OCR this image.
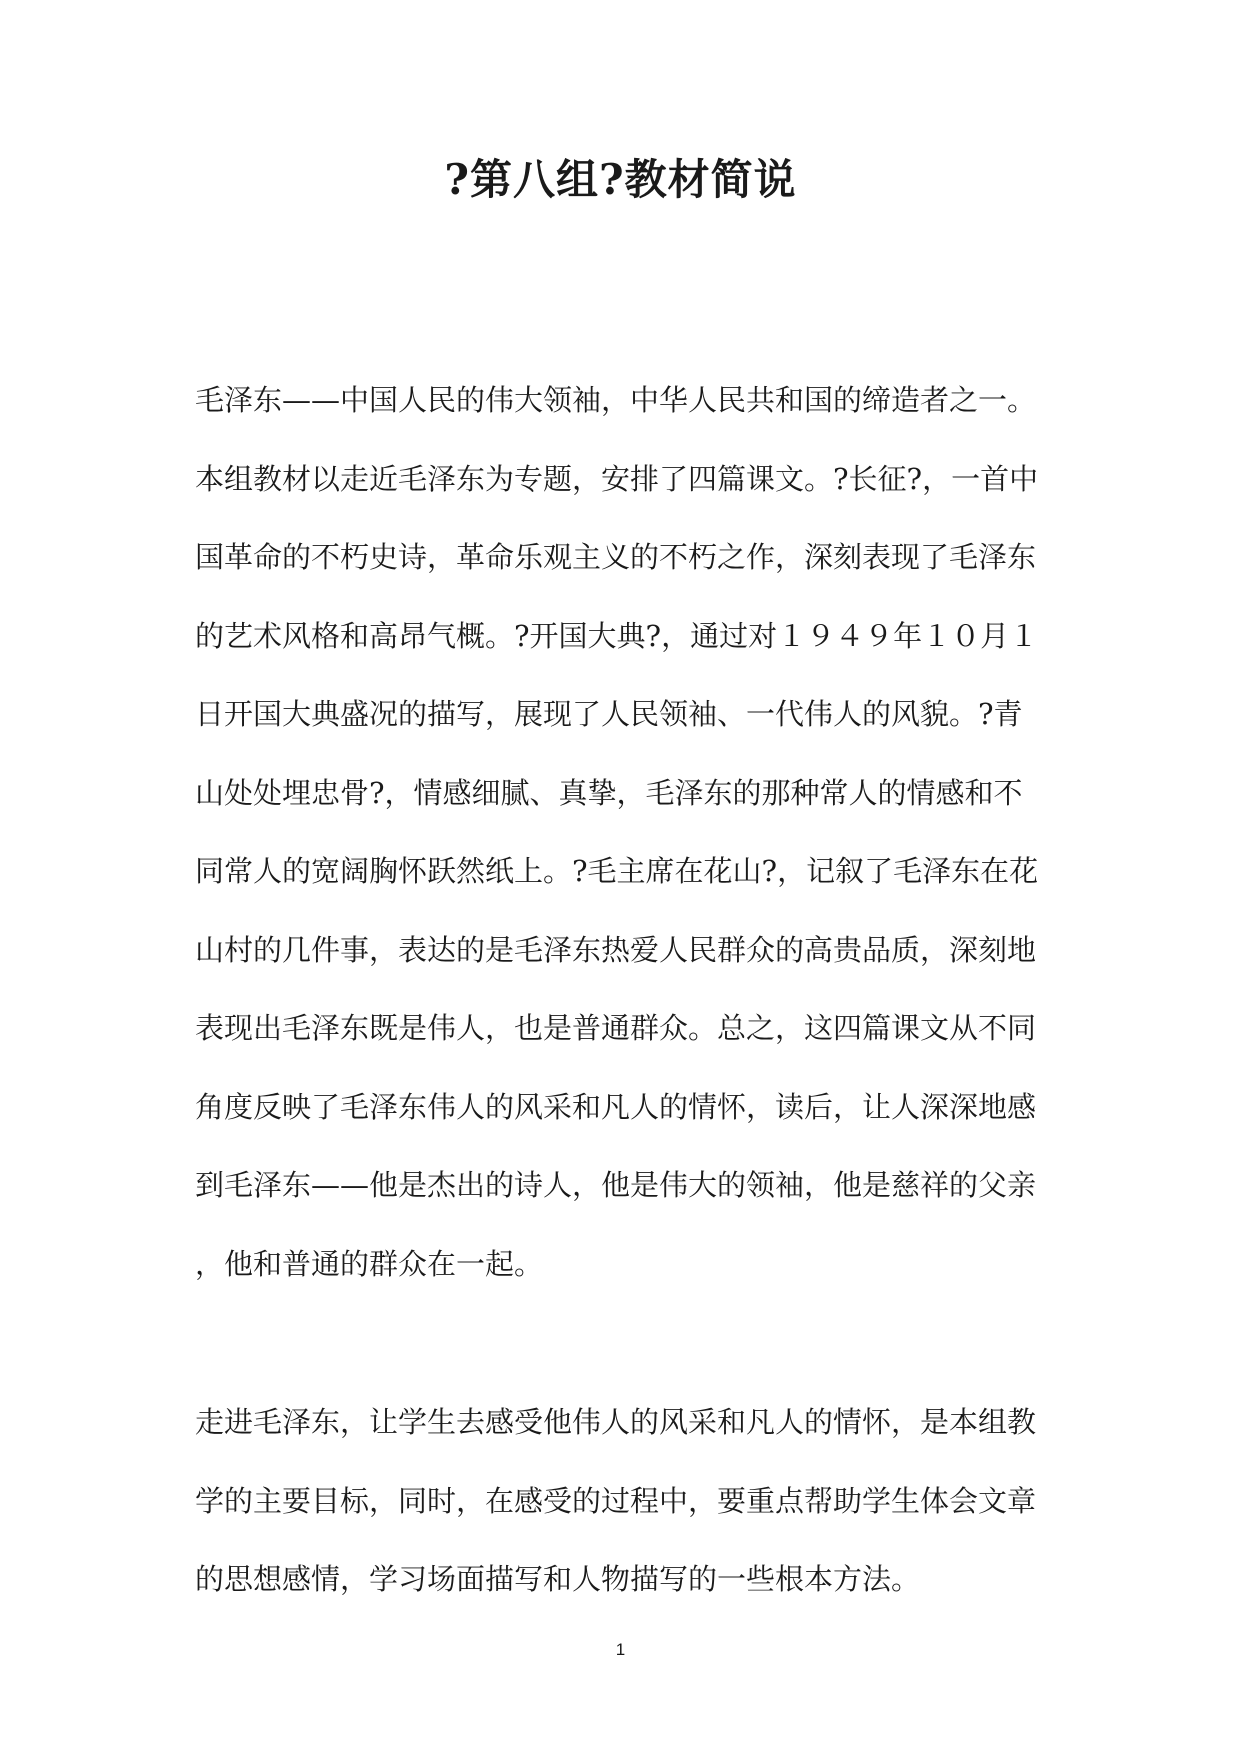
?第八组?教材简说

毛泽东——中国人民的伟大领袖，中华人民共和国的缔造者之一。
本组教材以走近毛泽东为专题，安排了四篇课文。?长征?，一首中
国革命的不朽史诗，革命乐观主义的不朽之作，深刻表现了毛泽东
的艺术风格和高昂气概。?开国大典?，通过对１９４９年１０月１
日开国大典盛况的描写，展现了人民领袖、一代伟人的风貌。?青
山处处埋忠骨?，情感细腻、真挚，毛泽东的那种常人的情感和不
同常人的宽阔胸怀跃然纸上。?毛主席在花山?，记叙了毛泽东在花
山村的几件事，表达的是毛泽东热爱人民群众的高贵品质，深刻地
表现出毛泽东既是伟人，也是普通群众。总之，这四篇课文从不同
角度反映了毛泽东伟人的风采和凡人的情怀，读后，让人深深地感
到毛泽东——他是杰出的诗人，他是伟大的领袖，他是慈祥的父亲
，他和普通的群众在一起。

走进毛泽东，让学生去感受他伟人的风采和凡人的情怀，是本组教
学的主要目标，同时，在感受的过程中，要重点帮助学生体会文章
的思想感情，学习场面描写和人物描写的一些根本方法。

1
